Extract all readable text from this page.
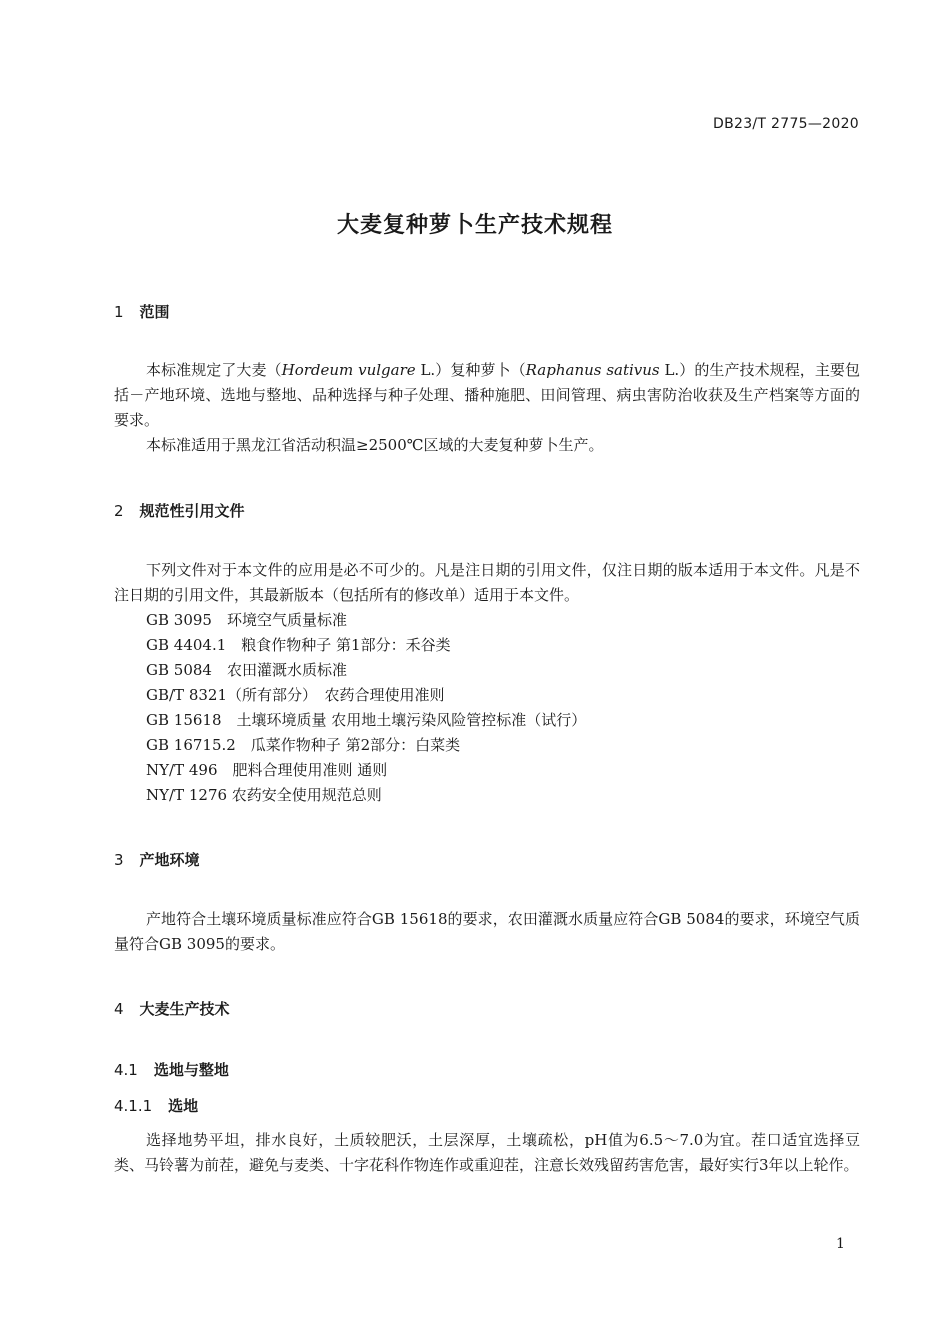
DB23/T 2775—2020
大麦复种萝卜生产技术规程
1 范围
本标准规定了大麦（Hordeum vulgare L.）复种萝卜（Raphanus sativus L.）的生产技术规程，主要包括－产地环境、选地与整地、品种选择与种子处理、播种施肥、田间管理、病虫害防治收获及生产档案等方面的要求。
本标准适用于黑龙江省活动积温≥2500℃区域的大麦复种萝卜生产。
2 规范性引用文件
下列文件对于本文件的应用是必不可少的。凡是注日期的引用文件，仅注日期的版本适用于本文件。凡是不注日期的引用文件，其最新版本（包括所有的修改单）适用于本文件。
GB 3095　环境空气质量标准
GB 4404.1　粮食作物种子 第1部分：禾谷类
GB 5084　农田灌溉水质标准
GB/T 8321（所有部分）　农药合理使用准则
GB 15618　土壤环境质量 农用地土壤污染风险管控标准（试行）
GB 16715.2　瓜菜作物种子 第2部分：白菜类
NY/T 496　肥料合理使用准则 通则
NY/T 1276 农药安全使用规范总则
3 产地环境
产地符合土壤环境质量标准应符合GB 15618的要求，农田灌溉水质量应符合GB 5084的要求，环境空气质量符合GB 3095的要求。
4 大麦生产技术
4.1 选地与整地
4.1.1 选地
选择地势平坦，排水良好，土质较肥沃，土层深厚，土壤疏松，pH值为6.5～7.0为宜。茬口适宜选择豆类、马铃薯为前茬，避免与麦类、十字花科作物连作或重迎茬，注意长效残留药害危害，最好实行3年以上轮作。
1
